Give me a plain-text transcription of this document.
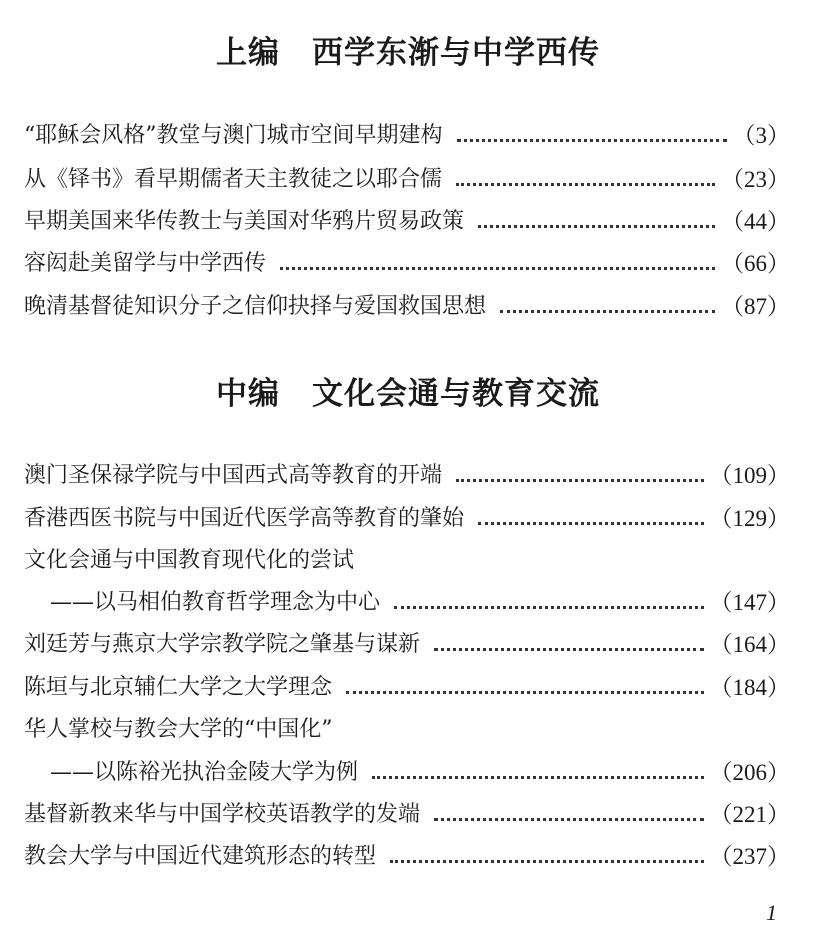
上编　西学东渐与中学西传
“耶稣会风格”教堂与澳门城市空间早期建构	（3）
从《铎书》看早期儒者天主教徒之以耶合儒	（23）
早期美国来华传教士与美国对华鸦片贸易政策	（44）
容闳赴美留学与中学西传	（66）
晚清基督徒知识分子之信仰抉择与爱国救国思想	（87）
中编　文化会通与教育交流
澳门圣保禄学院与中国西式高等教育的开端	（109）
香港西医书院与中国近代医学高等教育的肇始	（129）
文化会通与中国教育现代化的尝试
——以马相伯教育哲学理念为中心	（147）
刘廷芳与燕京大学宗教学院之肇基与谋新	（164）
陈垣与北京辅仁大学之大学理念	（184）
华人掌校与教会大学的“中国化”
——以陈裕光执治金陵大学为例	（206）
基督新教来华与中国学校英语教学的发端	（221）
教会大学与中国近代建筑形态的转型	（237）
1
